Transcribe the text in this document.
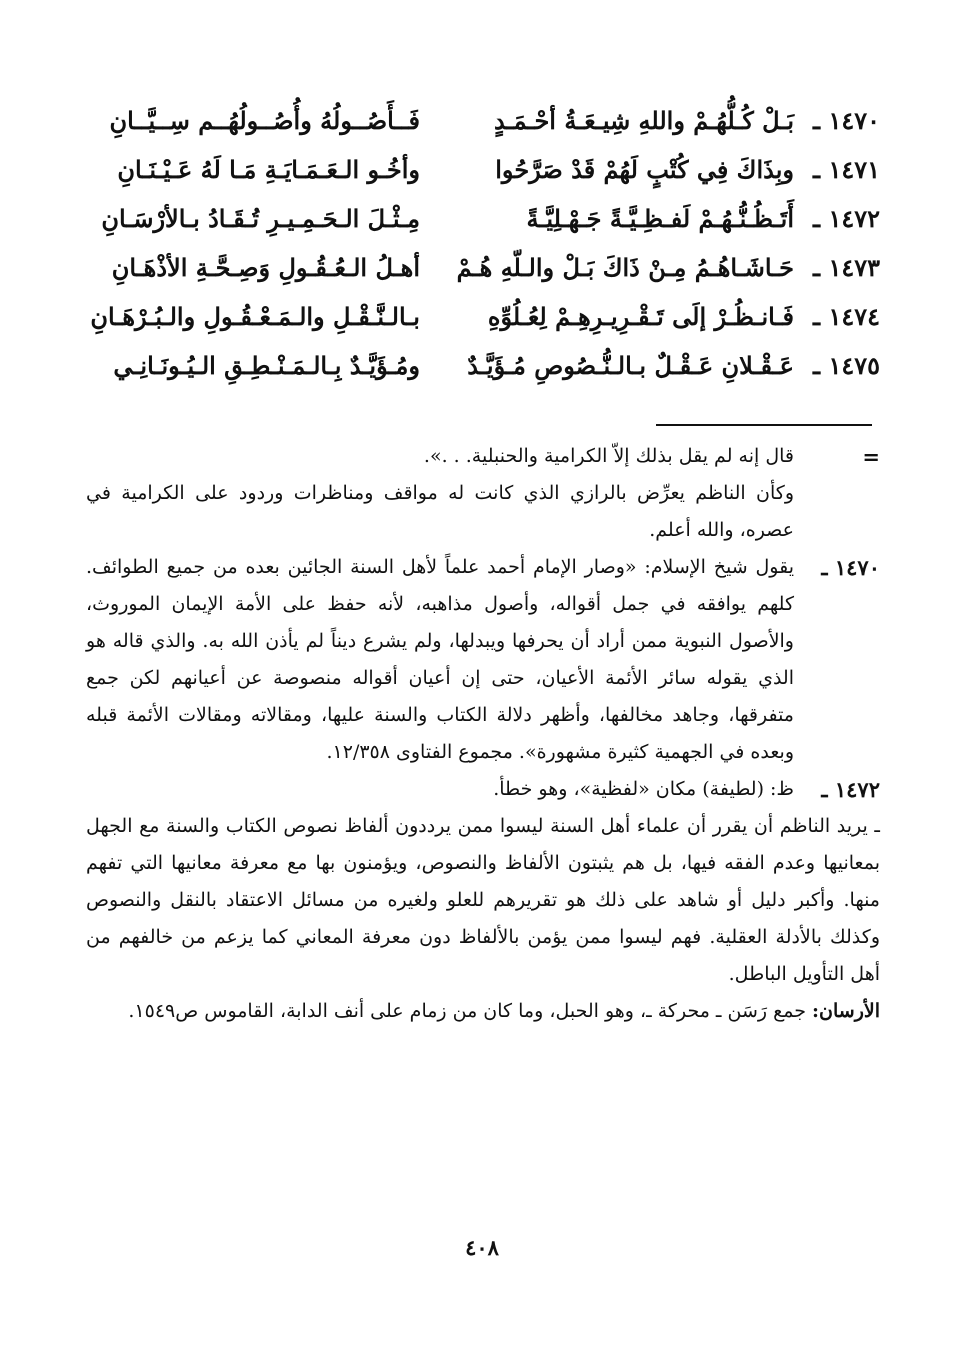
١٤٧٠ ـ
بَـلْ كُـلُّهُـمْ واللهِ شِيـعَـةُ أحْـمَـدٍ
فَــأَصُــولُهُ وأُصُــولُهُــم سِــيَّــانِ
١٤٧١ ـ
وبِذَاكَ فِي كُتْبٍ لَهُمْ قَدْ صَرَّحُوا
وأخُـو الـعَـمَـايَـةِ مَـا لَهُ عَـيْـنَـانِ
١٤٧٢ ـ
أَتَـظُـنُّـهُـمْ لَفـظِـيَّـةً جَـهْـلِيَّـةً
مِـثْـلَ الـحَـمِـيـرِ تُـقَـادُ بـالأرْسَـانِ
١٤٧٣ ـ
حَـاشَـاهُـمُ مِـنْ ذَاكَ بَـلْ والـلّهِ هُـمْ
أهـلُ الـعُـقُـولِ وَصِـحَّـةِ الأذْهَـانِ
١٤٧٤ ـ
فَـانـظُـرْ إلَى تَـقْـرِيـرِهِـمْ لِعُـلُوِّهِ
بـالـنَّـقْـلِ والـمَـعْـقُـولِ والـبُـرْهَـانِ
١٤٧٥ ـ
عَـقْـلانِ عَـقْـلٌ بـالـنُّـصُوصِ مُـؤَيَّـدٌ
ومُـؤَيَّـدٌ بِـالـمَـنْـطِـقِ الـيُـونَـانِـي
=
قال إنه لم يقل بذلك إلاّ الكرامية والحنبلية. . .».
وكأن الناظم يعرِّض بالرازي الذي كانت له مواقف ومناظرات وردود على الكرامية في عصره، والله أعلم.
١٤٧٠ ـ
يقول شيخ الإسلام: «وصار الإمام أحمد علماً لأهل السنة الجائين بعده من جميع الطوائف. كلهم يوافقه في جمل أقواله، وأصول مذاهبه، لأنه حفظ على الأمة الإيمان الموروث، والأصول النبوية ممن أراد أن يحرفها ويبدلها، ولم يشرع ديناً لم يأذن الله به. والذي قاله هو الذي يقوله سائر الأئمة الأعيان، حتى إن أعيان أقواله منصوصة عن أعيانهم لكن جمع متفرقها، وجاهد مخالفها، وأظهر دلالة الكتاب والسنة عليها، ومقالاته ومقالات الأئمة قبله وبعده في الجهمية كثيرة مشهورة». مجموع الفتاوى ١٢/٣٥٨.
١٤٧٢ ـ
ظ: (لطيفة) مكان «لفظية»، وهو خطأ.
ـ يريد الناظم أن يقرر أن علماء أهل السنة ليسوا ممن يرددون ألفاظ نصوص الكتاب والسنة مع الجهل بمعانيها وعدم الفقه فيها، بل هم يثبتون الألفاظ والنصوص، ويؤمنون بها مع معرفة معانيها التي تفهم منها. وأكبر دليل أو شاهد على ذلك هو تقريرهم للعلو ولغيره من مسائل الاعتقاد بالنقل والنصوص وكذلك بالأدلة العقلية. فهم ليسوا ممن يؤمن بالألفاظ دون معرفة المعاني كما يزعم من خالفهم من أهل التأويل الباطل.
الأرسان: جمع رَسَن ـ محركة ـ، وهو الحبل، وما كان من زمام على أنف الدابة، القاموس ص١٥٤٩.
٤٠٨
